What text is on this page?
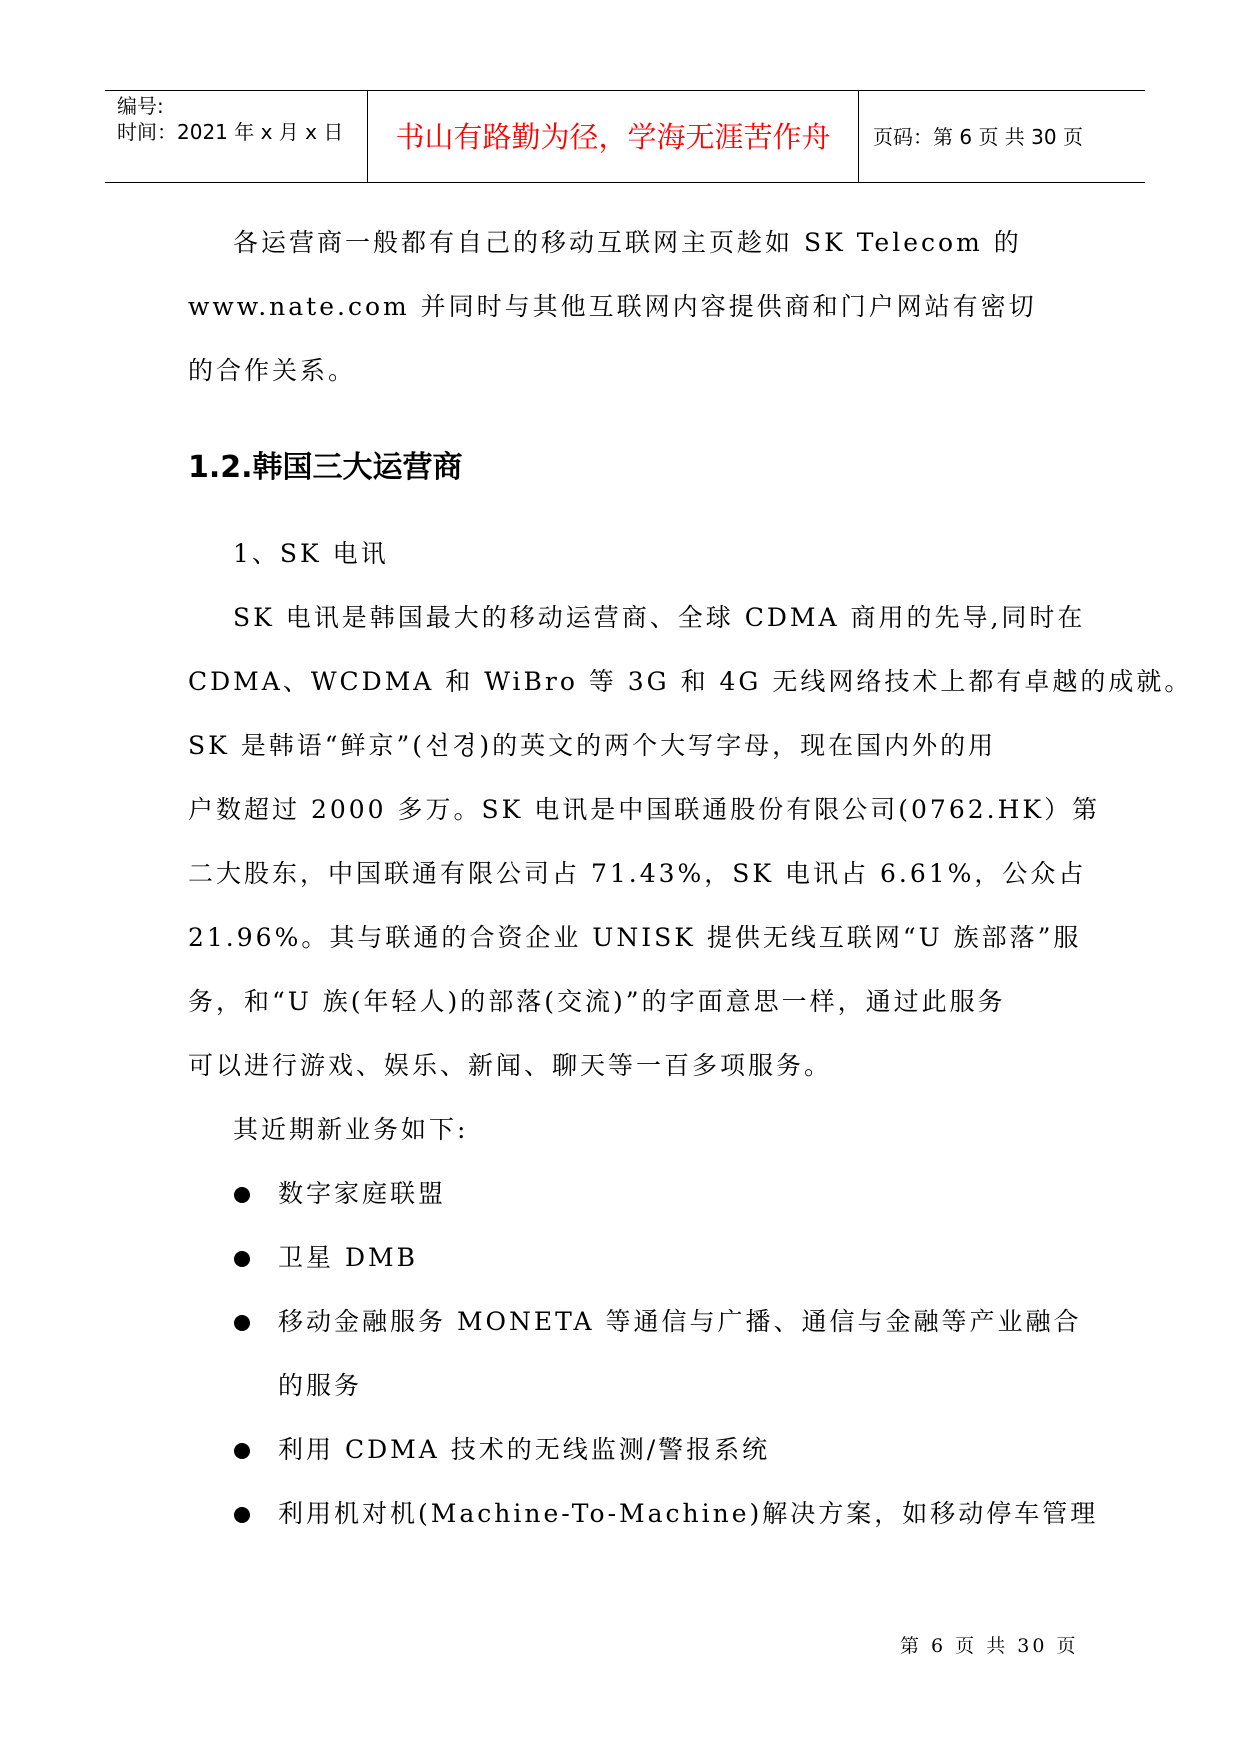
编号:
时间：2021 年 x 月 x 日	书山有路勤为径，学海无涯苦作舟	页码：第 6 页 共 30 页
各运营商一般都有自己的移动互联网主页趁如 SK Telecom 的
www.nate.com 并同时与其他互联网内容提供商和门户网站有密切
的合作关系。
1.2.韩国三大运营商
1、SK 电讯
SK 电讯是韩国最大的移动运营商、全球 CDMA 商用的先导,同时在
CDMA、WCDMA 和 WiBro 等 3G 和 4G 无线网络技术上都有卓越的成就。
SK 是韩语“鲜京”(선경)的英文的两个大写字母，现在国内外的用
户数超过 2000 多万。SK 电讯是中国联通股份有限公司(0762.HK）第
二大股东，中国联通有限公司占 71.43%，SK 电讯占 6.61%，公众占
21.96%。其与联通的合资企业 UNISK 提供无线互联网“U 族部落”服
务，和“U 族(年轻人)的部落(交流)”的字面意思一样，通过此服务
可以进行游戏、娱乐、新闻、聊天等一百多项服务。
其近期新业务如下:
数字家庭联盟
卫星 DMB
移动金融服务 MONETA 等通信与广播、通信与金融等产业融合
的服务
利用 CDMA 技术的无线监测/警报系统
利用机对机(Machine-To-Machine)解决方案，如移动停车管理
第 6 页 共 30 页
